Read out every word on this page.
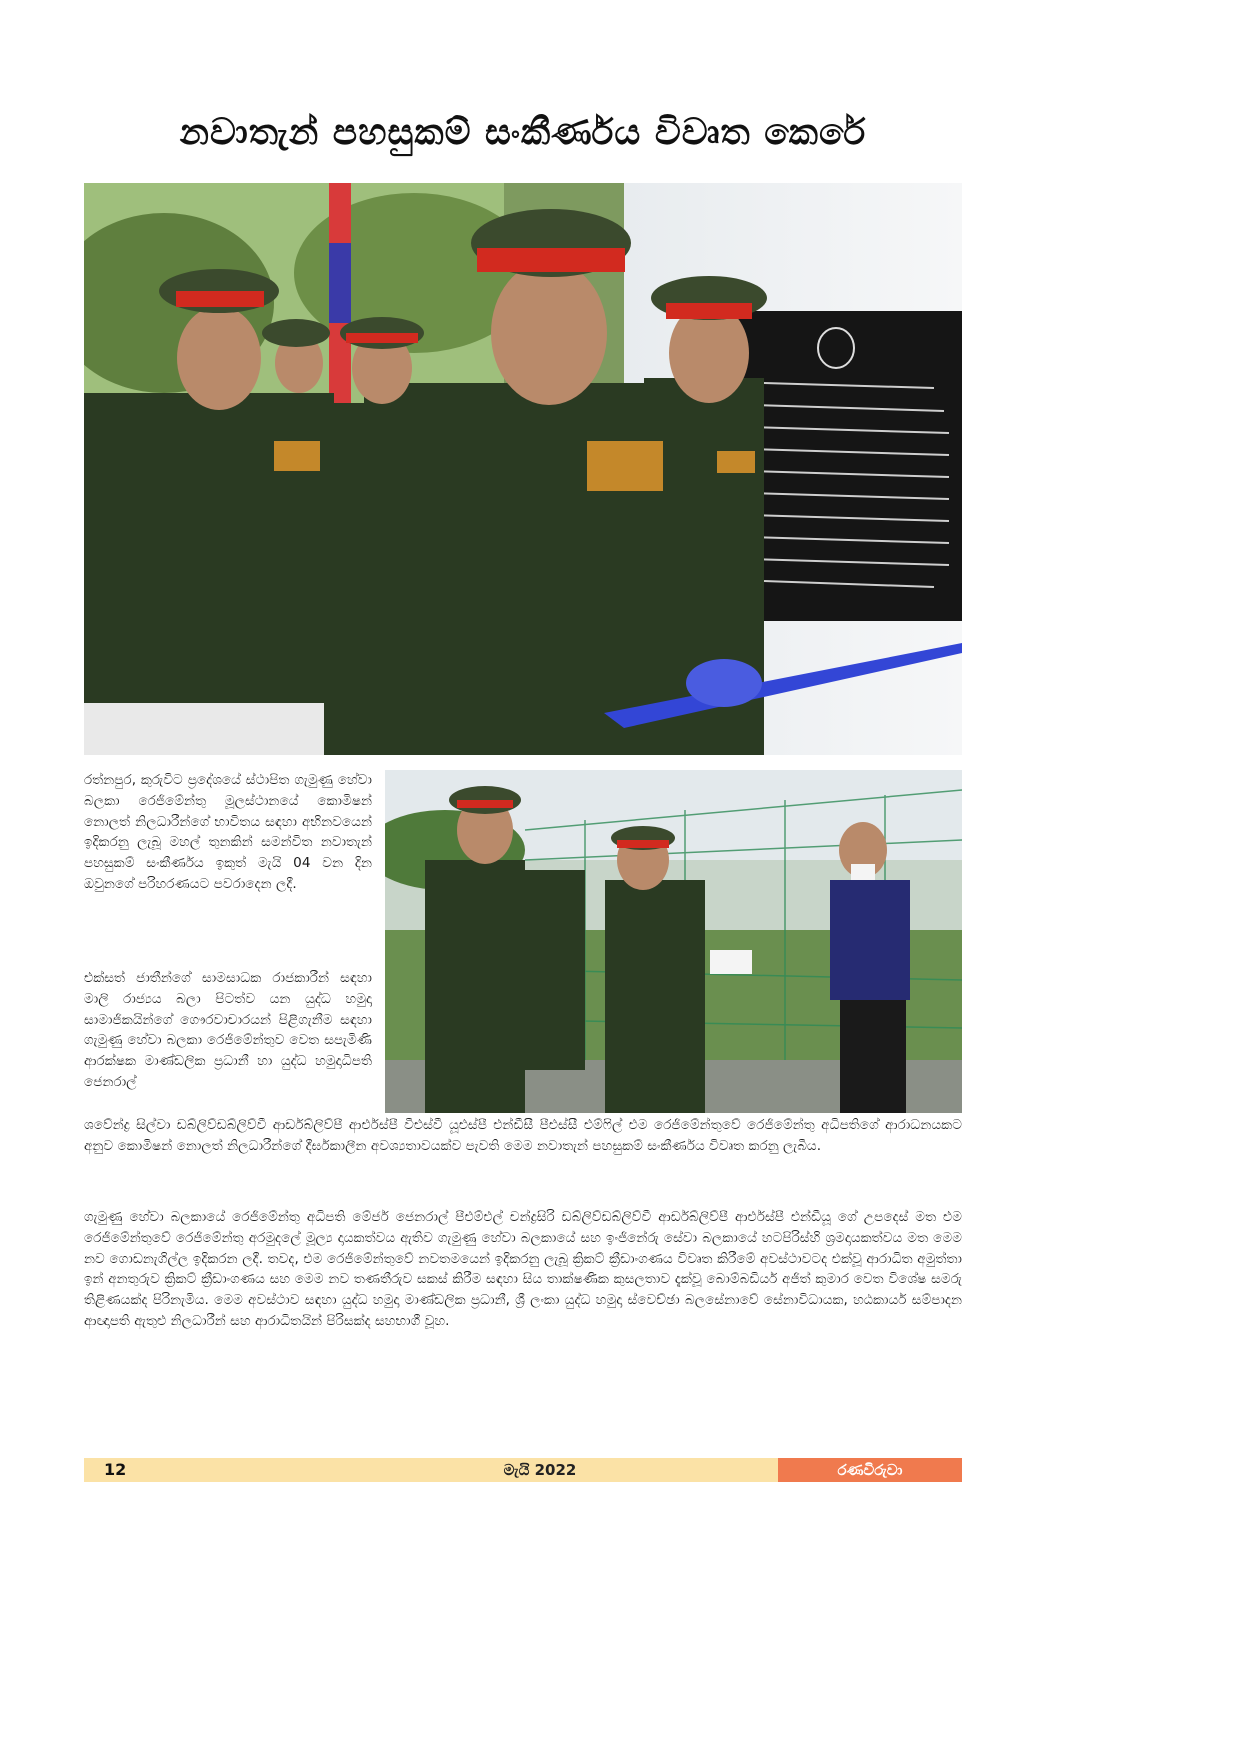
නවාතැන් පහසුකම් සංකීර්ණය විවෘත කෙරේ

රත්නපුර, කුරුවිට ප්‍රදේශයේ ස්ථාපිත ගැමුණු හේවා බලකා රෙජිමේන්තු මූලස්ථානයේ කොමිෂන් නොලත් නිලධාරීන්ගේ භාවිතය සඳහා අභිනවයෙන් ඉදිකරනු ලැබූ මහල් තුනකින් සමන්විත නවාතැන් පහසුකම් සංකීර්ණය ඉකුත් මැයි 04 වන දින ඔවුනගේ පරිහරණයට පවරාදෙන ලදී.

එක්සත් ජාතීන්ගේ සාමසාධක රාජකාරීන් සඳහා මාලි රාජ්‍යය බලා පිටත්ව යන යුද්ධ හමුදා සාමාජිකයින්ගේ ගෞරවාචාරයන් පිළිගැනීම සඳහා ගැමුණු හේවා බලකා රෙජිමේන්තුව වෙත සපැමිණි ආරක්ෂක මාණ්ඩලික ප්‍රධානී හා යුද්ධ හමුදාධිපති ජෙනරාල්

ශවේන්ද්‍ර සිල්වා ඩබ්ලිව්ඩබ්ලිව්වී ආර්ඩබ්ලිව්පී ආර්එස්පී වීඑස්වී යූඑස්පී එන්ඩීසී පීඑස්සී එම්ෆිල් එම රෙජිමේන්තුවේ රෙජිමේන්තු අධිපතිගේ ආරාධනයකට අනුව කොමිෂන් නොලත් නිලධාරීන්ගේ දීර්ඝකාලීන අවශ්‍යතාවයක්ව පැවති මෙම නවාතැන් පහසුකම් සංකීර්ණය විවෘත කරනු ලැබීය.

ගැමුණු හේවා බලකායේ රෙජිමේන්තු අධිපති මේජර් ජෙනරාල් පීඑම්එල් චන්ද්‍රසිරි ඩබ්ලිව්ඩබ්ලිව්වී ආර්ඩබ්ලිව්පී ආර්එස්පී එන්ඩීයූ ගේ උපදෙස් මත එම රෙජිමේන්තුවේ රෙජිමේන්තු අරමුදලේ මූල්‍ය දායකත්වය ඇතිව ගැමුණු හේවා බලකායේ සහ ඉංජිනේරු සේවා බලකායේ හටපිරිස්හි ශ්‍රමදායකත්වය මත මෙම නව ගොඩනැගිල්ල ඉදිකරන ලදී. තවද, එම රෙජිමේන්තුවේ නවතමයෙන් ඉදිකරනු ලැබූ ක්‍රිකට් ක්‍රීඩාංගණය විවෘත කිරීමේ අවස්ථාවටද එක්වූ ආරාධිත අමුත්තා ඉන් අනතුරුව ක්‍රිකට් ක්‍රීඩාංගණය සහ මෙම නව තණතීරුව සකස් කිරීම සඳහා සිය තාක්ෂණික කුසලතාව දැක්වූ බොම්බඩියර් අජිත් කුමාර වෙත විශේෂ සමරු තිළිණයක්ද පිරිනැමිය. මෙම අවස්ථාව සඳහා යුද්ධ හමුදා මාණ්ඩලික ප්‍රධානී, ශ්‍රී ලංකා යුද්ධ හමුදා ස්වෙච්ඡා බලසේනාවේ සේනාවිධායක, හඨකාර්ය සම්පාදන ආඥාපති ඇතුළු නිලධාරීන් සහ ආරාධිතයින් පිරිසක්ද සහභාගී වූහ.

12	මැයි 2022	රණවිරුවා
